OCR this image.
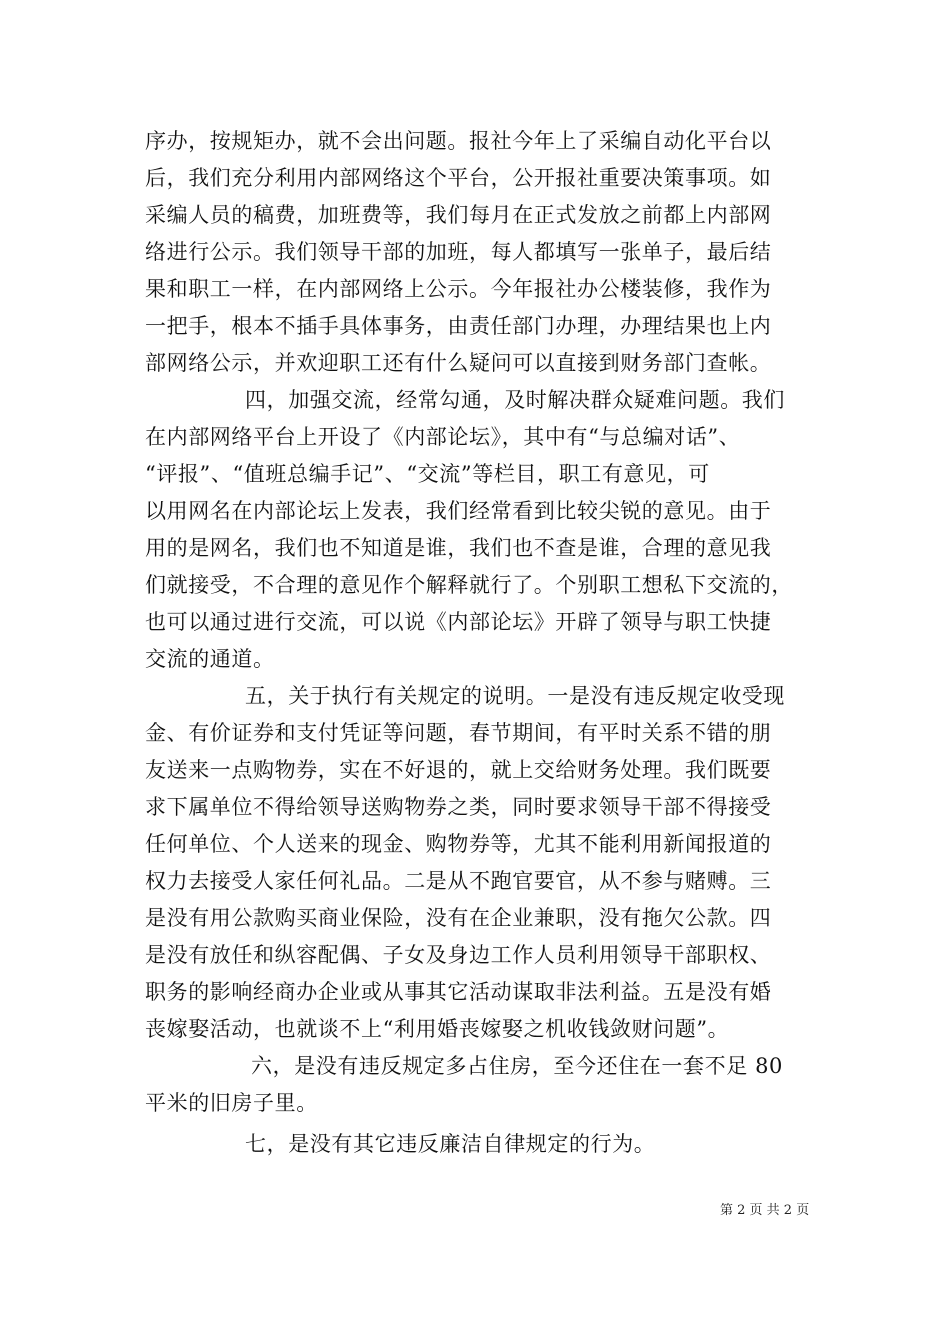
序办，按规矩办，就不会出问题。报社今年上了采编自动化平台以
后，我们充分利用内部网络这个平台，公开报社重要决策事项。如
采编人员的稿费，加班费等，我们每月在正式发放之前都上内部网
络进行公示。我们领导干部的加班，每人都填写一张单子，最后结
果和职工一样，在内部网络上公示。今年报社办公楼装修，我作为
一把手，根本不插手具体事务，由责任部门办理，办理结果也上内
部网络公示，并欢迎职工还有什么疑问可以直接到财务部门查帐。
四，加强交流，经常勾通，及时解决群众疑难问题。我们
在内部网络平台上开设了《内部论坛》，其中有“与总编对话”、
“评报”、“值班总编手记”、“交流”等栏目，职工有意见，可
以用网名在内部论坛上发表，我们经常看到比较尖锐的意见。由于
用的是网名，我们也不知道是谁，我们也不查是谁，合理的意见我
们就接受，不合理的意见作个解释就行了。个别职工想私下交流的，
也可以通过进行交流，可以说《内部论坛》开辟了领导与职工快捷
交流的通道。
五，关于执行有关规定的说明。一是没有违反规定收受现
金、有价证券和支付凭证等问题，春节期间，有平时关系不错的朋
友送来一点购物券，实在不好退的，就上交给财务处理。我们既要
求下属单位不得给领导送购物券之类，同时要求领导干部不得接受
任何单位、个人送来的现金、购物券等，尤其不能利用新闻报道的
权力去接受人家任何礼品。二是从不跑官要官，从不参与赌赙。三
是没有用公款购买商业保险，没有在企业兼职，没有拖欠公款。四
是没有放任和纵容配偶、子女及身边工作人员利用领导干部职权、
职务的影响经商办企业或从事其它活动谋取非法利益。五是没有婚
丧嫁娶活动，也就谈不上“利用婚丧嫁娶之机收钱敛财问题”。
六，是没有违反规定多占住房，至今还住在一套不足 80
平米的旧房子里。
七，是没有其它违反廉洁自律规定的行为。
第 2 页 共 2 页
